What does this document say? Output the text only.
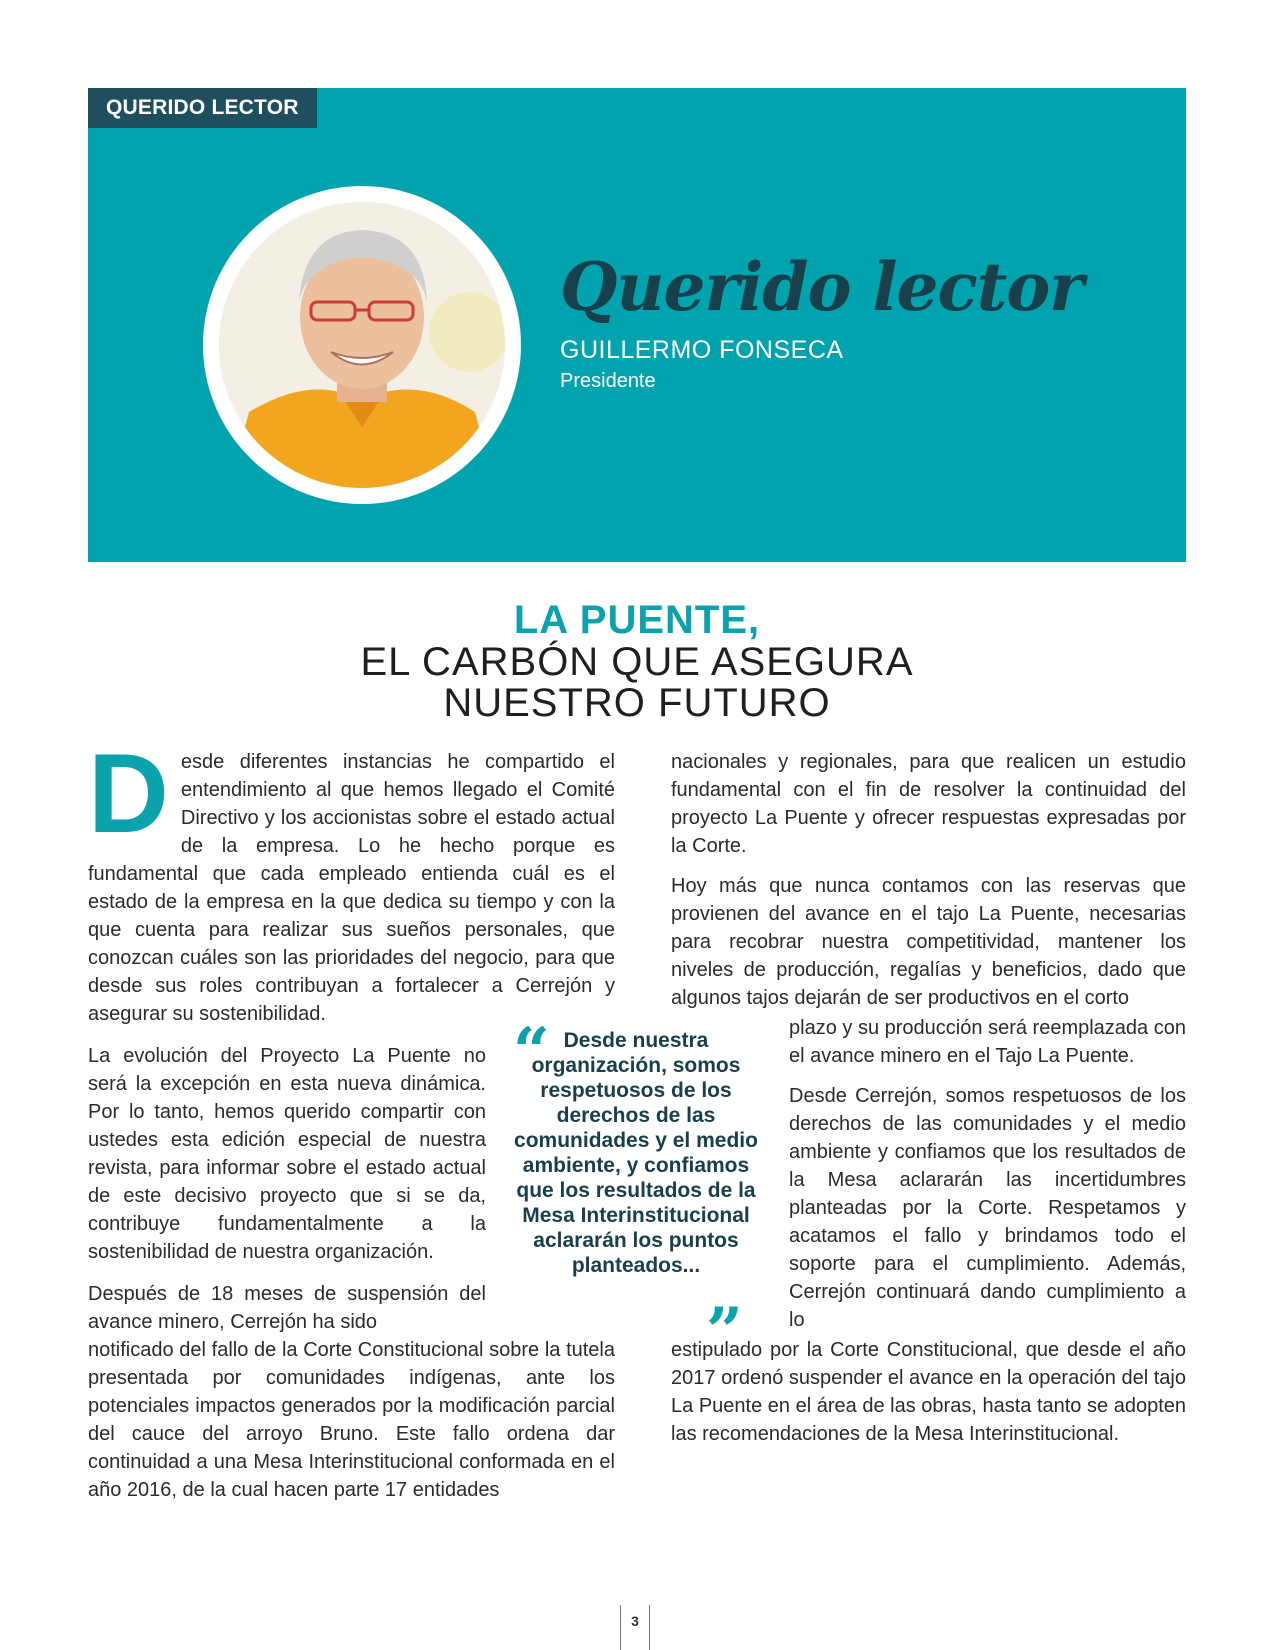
QUERIDO LECTOR
Querido lector
GUILLERMO FONSECA
Presidente
LA PUENTE,
EL CARBÓN QUE ASEGURA
NUESTRO FUTURO

Desde diferentes instancias he compartido el entendimiento al que hemos llegado el Comité Directivo y los accionistas sobre el estado actual de la empresa. Lo he hecho porque es fundamental que cada empleado entienda cuál es el estado de la empresa en la que dedica su tiempo y con la que cuenta para realizar sus sueños personales, que conozcan cuáles son las prioridades del negocio, para que desde sus roles contribuyan a fortalecer a Cerrejón y asegurar su sostenibilidad.

La evolución del Proyecto La Puente no será la excepción en esta nueva dinámica. Por lo tanto, hemos querido compartir con ustedes esta edición especial de nuestra revista, para informar sobre el estado actual de este decisivo proyecto que si se da, contribuye fundamentalmente a la sostenibilidad de nuestra organización.

Después de 18 meses de suspensión del avance minero, Cerrejón ha sido

notificado del fallo de la Corte Constitucional sobre la tutela presentada por comunidades indígenas, ante los potenciales impactos generados por la modificación parcial del cauce del arroyo Bruno. Este fallo ordena dar continuidad a una Mesa Interinstitucional conformada en el año 2016, de la cual hacen parte 17 entidades

nacionales y regionales, para que realicen un estudio fundamental con el fin de resolver la continuidad del proyecto La Puente y ofrecer respuestas expresadas por la Corte.

Hoy más que nunca contamos con las reservas que provienen del avance en el tajo La Puente, necesarias para recobrar nuestra competitividad, mantener los niveles de producción, regalías y beneficios, dado que algunos tajos dejarán de ser productivos en el corto

plazo y su producción será reemplazada con el avance minero en el Tajo La Puente.

Desde Cerrejón, somos respetuosos de los derechos de las comunidades y el medio ambiente y confiamos que los resultados de la Mesa aclararán las incertidumbres planteadas por la Corte. Respetamos y acatamos el fallo y brindamos todo el soporte para el cumplimiento. Además, Cerrejón continuará dando cumplimiento a lo

estipulado por la Corte Constitucional, que desde el año 2017 ordenó suspender el avance en la operación del tajo La Puente en el área de las obras, hasta tanto se adopten las recomendaciones de la Mesa Interinstitucional.

“ Desde nuestra organización, somos respetuosos de los derechos de las comunidades y el medio ambiente, y confiamos que los resultados de la Mesa Interinstitucional aclararán los puntos planteados...
”
3
